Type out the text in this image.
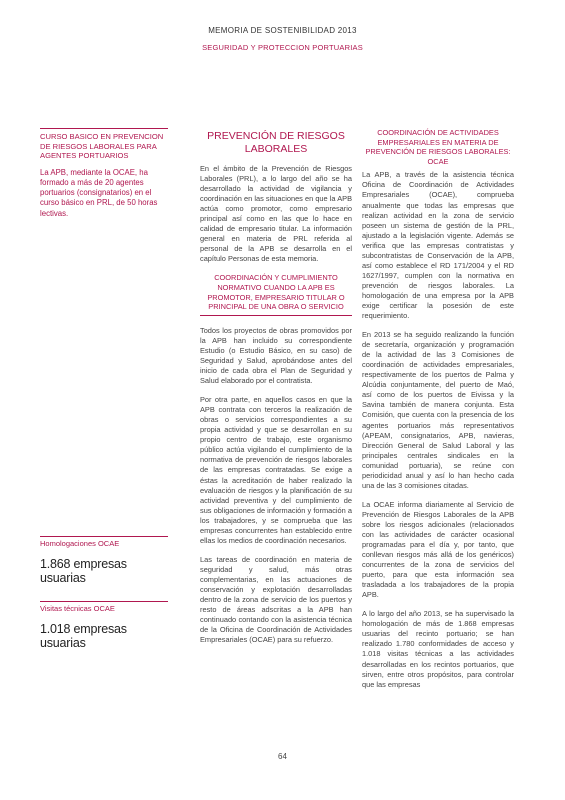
MEMORIA DE SOSTENIBILIDAD 2013
SEGURIDAD Y PROTECCION PORTUARIAS
CURSO BASICO EN PREVENCION DE RIESGOS LABORALES PARA AGENTES PORTUARIOS
La APB, mediante la OCAE, ha formado a más de 20 agentes portuarios (consignatarios) en el curso básico en PRL, de 50 horas lectivas.
Homologaciones OCAE
1.868 empresas usuarias
Visitas técnicas OCAE
1.018 empresas usuarias
PREVENCIÓN DE RIESGOS LABORALES

En el ámbito de la Prevención de Riesgos Laborales (PRL), a lo largo del año se ha desarrollado la actividad de vigilancia y coordinación en las situaciones en que la APB actúa como promotor, como empresario principal así como en las que lo hace en calidad de empresario titular. La información general en materia de PRL referida al personal de la APB se desarrolla en el capítulo Personas de esta memoria.

COORDINACIÓN Y CUMPLIMIENTO NORMATIVO CUANDO LA APB ES PROMOTOR, EMPRESARIO TITULAR O PRINCIPAL DE UNA OBRA O SERVICIO

Todos los proyectos de obras promovidos por la APB han incluido su correspondiente Estudio (o Estudio Básico, en su caso) de Seguridad y Salud, aprobándose antes del inicio de cada obra el Plan de Seguridad y Salud elaborado por el contratista.

Por otra parte, en aquellos casos en que la APB contrata con terceros la realización de obras o servicios correspondientes a su propia actividad y que se desarrollan en su propio centro de trabajo, este organismo público actúa vigilando el cumplimiento de la normativa de prevención de riesgos laborales de las empresas contratadas. Se exige a éstas la acreditación de haber realizado la evaluación de riesgos y la planificación de su actividad preventiva y del cumplimiento de sus obligaciones de información y formación a los trabajadores, y se comprueba que las empresas concurrentes han establecido entre ellas los medios de coordinación necesarios.

Las tareas de coordinación en materia de seguridad y salud, más otras complementarias, en las actuaciones de conservación y explotación desarrolladas dentro de la zona de servicio de los puertos y resto de áreas adscritas a la APB han continuado contando con la asistencia técnica de la Oficina de Coordinación de Actividades Empresariales (OCAE) para su refuerzo.

COORDINACIÓN DE ACTIVIDADES EMPRESARIALES EN MATERIA DE PREVENCIÓN DE RIESGOS LABORALES: OCAE

La APB, a través de la asistencia técnica Oficina de Coordinación de Actividades Empresariales (OCAE), comprueba anualmente que todas las empresas que realizan actividad en la zona de servicio poseen un sistema de gestión de la PRL, ajustado a la legislación vigente. Además se verifica que las empresas contratistas y subcontratistas de Conservación de la APB, así como establece el RD 171/2004 y el RD 1627/1997, cumplen con la normativa en prevención de riesgos laborales. La homologación de una empresa por la APB exige certificar la posesión de este requerimiento.

En 2013 se ha seguido realizando la función de secretaría, organización y programación de la actividad de las 3 Comisiones de coordinación de actividades empresariales, respectivamente de los puertos de Palma y Alcúdia conjuntamente, del puerto de Maó, así como de los puertos de Eivissa y la Savina también de manera conjunta. Esta Comisión, que cuenta con la presencia de los agentes portuarios más representativos (APEAM, consignatarios, APB, navieras, Dirección General de Salud Laboral y las principales centrales sindicales en la comunidad portuaria), se reúne con periodicidad anual y así lo han hecho cada una de las 3 comisiones citadas.

La OCAE informa diariamente al Servicio de Prevención de Riesgos Laborales de la APB sobre los riesgos adicionales (relacionados con las actividades de carácter ocasional programadas para el día y, por tanto, que conllevan riesgos más allá de los genéricos) concurrentes de la zona de servicios del puerto, para que esta información sea trasladada a los trabajadores de la propia APB.

A lo largo del año 2013, se ha supervisado la homologación de más de 1.868 empresas usuarias del recinto portuario; se han realizado 1.780 conformidades de acceso y 1.018 visitas técnicas a las actividades desarrolladas en los recintos portuarios, que sirven, entre otros propósitos, para controlar que las empresas

64
